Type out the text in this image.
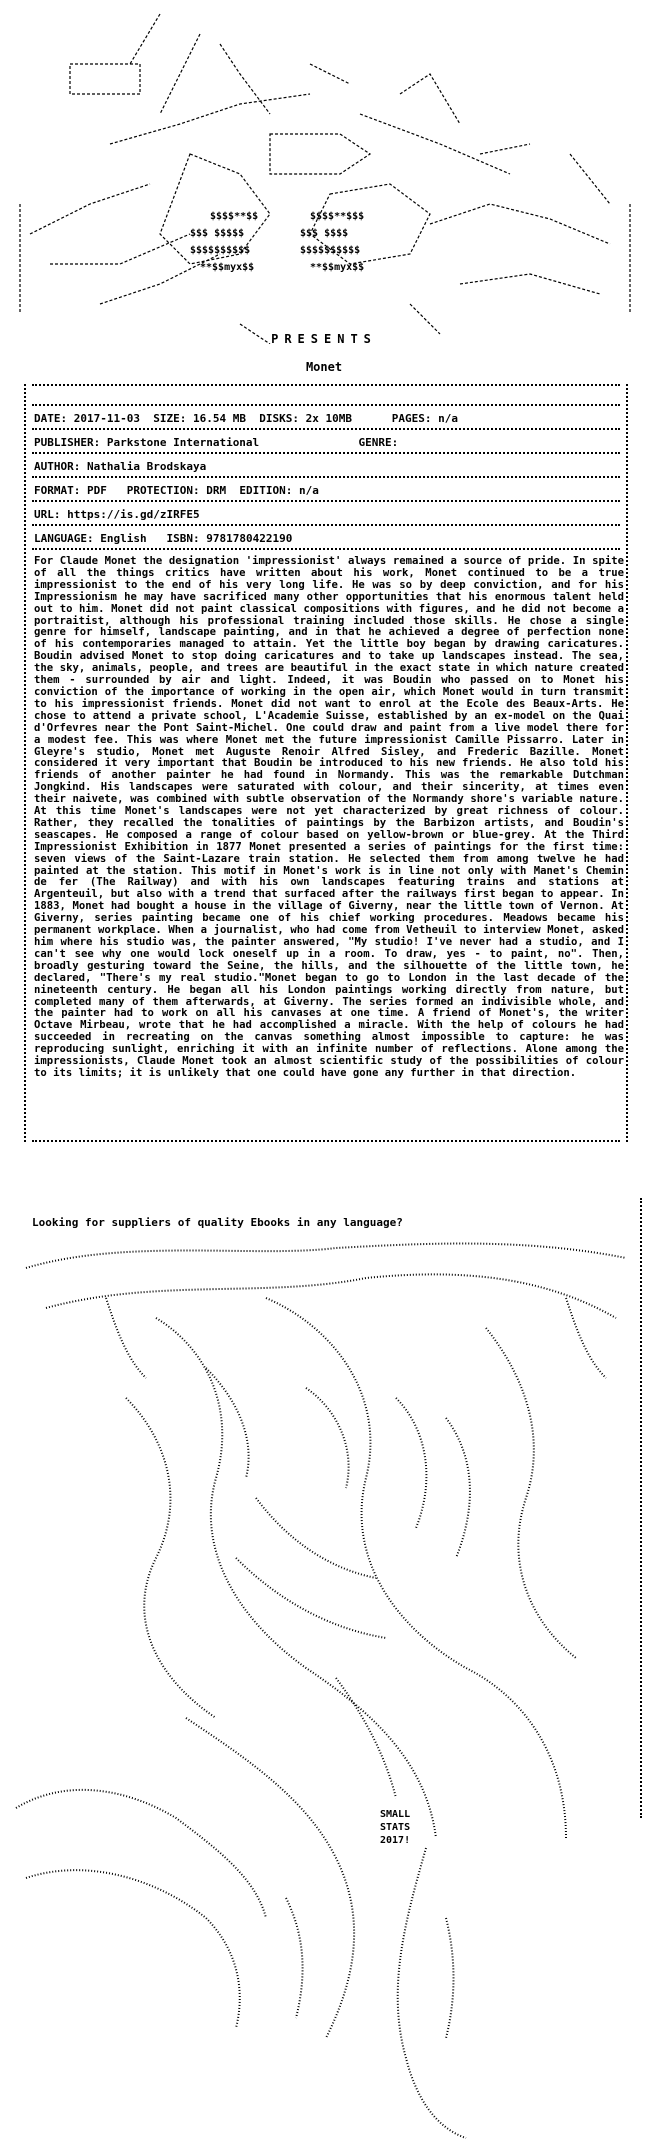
$$$$**$$
$$$ $$$$$
$$$$$$$$$$
**$$myx$$
$$$$**$$$
$$$ $$$$
$$$$$$$$$$
**$$myx$$
PRESENTS
Monet
DATE: 2017-11-03 SIZE: 16.54 MB DISKS: 2x 10MB	PAGES: n/a
PUBLISHER: Parkstone International	GENRE:
AUTHOR: Nathalia Brodskaya
FORMAT: PDF PROTECTION: DRM EDITION: n/a
URL: https://is.gd/zIRFE5
LANGUAGE: English ISBN: 9781780422190
For Claude Monet the designation 'impressionist' always remained a source of pride. In spite of all the things critics have written about his work, Monet continued to be a true impressionist to the end of his very long life. He was so by deep conviction, and for his Impressionism he may have sacrificed many other opportunities that his enormous talent held out to him. Monet did not paint classical compositions with figures, and he did not become a portraitist, although his professional training included those skills. He chose a single genre for himself, landscape painting, and in that he achieved a degree of perfection none of his contemporaries managed to attain. Yet the little boy began by drawing caricatures. Boudin advised Monet to stop doing caricatures and to take up landscapes instead. The sea, the sky, animals, people, and trees are beautiful in the exact state in which nature created them - surrounded by air and light. Indeed, it was Boudin who passed on to Monet his conviction of the importance of working in the open air, which Monet would in turn transmit to his impressionist friends. Monet did not want to enrol at the Ecole des Beaux-Arts. He chose to attend a private school, L'Academie Suisse, established by an ex-model on the Quai d'Orfevres near the Pont Saint-Michel. One could draw and paint from a live model there for a modest fee. This was where Monet met the future impressionist Camille Pissarro. Later in Gleyre's studio, Monet met Auguste Renoir Alfred Sisley, and Frederic Bazille. Monet considered it very important that Boudin be introduced to his new friends. He also told his friends of another painter he had found in Normandy. This was the remarkable Dutchman Jongkind. His landscapes were saturated with colour, and their sincerity, at times even their naivete, was combined with subtle observation of the Normandy shore's variable nature. At this time Monet's landscapes were not yet characterized by great richness of colour. Rather, they recalled the tonalities of paintings by the Barbizon artists, and Boudin's seascapes. He composed a range of colour based on yellow-brown or blue-grey. At the Third Impressionist Exhibition in 1877 Monet presented a series of paintings for the first time: seven views of the Saint-Lazare train station. He selected them from among twelve he had painted at the station. This motif in Monet's work is in line not only with Manet's Chemin de fer (The Railway) and with his own landscapes featuring trains and stations at Argenteuil, but also with a trend that surfaced after the railways first began to appear. In 1883, Monet had bought a house in the village of Giverny, near the little town of Vernon. At Giverny, series painting became one of his chief working procedures. Meadows became his permanent workplace. When a journalist, who had come from Vetheuil to interview Monet, asked him where his studio was, the painter answered, "My studio! I've never had a studio, and I can't see why one would lock oneself up in a room. To draw, yes - to paint, no". Then, broadly gesturing toward the Seine, the hills, and the silhouette of the little town, he declared, "There's my real studio."Monet began to go to London in the last decade of the nineteenth century. He began all his London paintings working directly from nature, but completed many of them afterwards, at Giverny. The series formed an indivisible whole, and the painter had to work on all his canvases at one time. A friend of Monet's, the writer Octave Mirbeau, wrote that he had accomplished a miracle. With the help of colours he had succeeded in recreating on the canvas something almost impossible to capture: he was reproducing sunlight, enriching it with an infinite number of reflections. Alone among the impressionists, Claude Monet took an almost scientific study of the possibilities of colour to its limits; it is unlikely that one could have gone any further in that direction.
Looking for suppliers of quality Ebooks in any language?
SMALL
STATS
2017!
